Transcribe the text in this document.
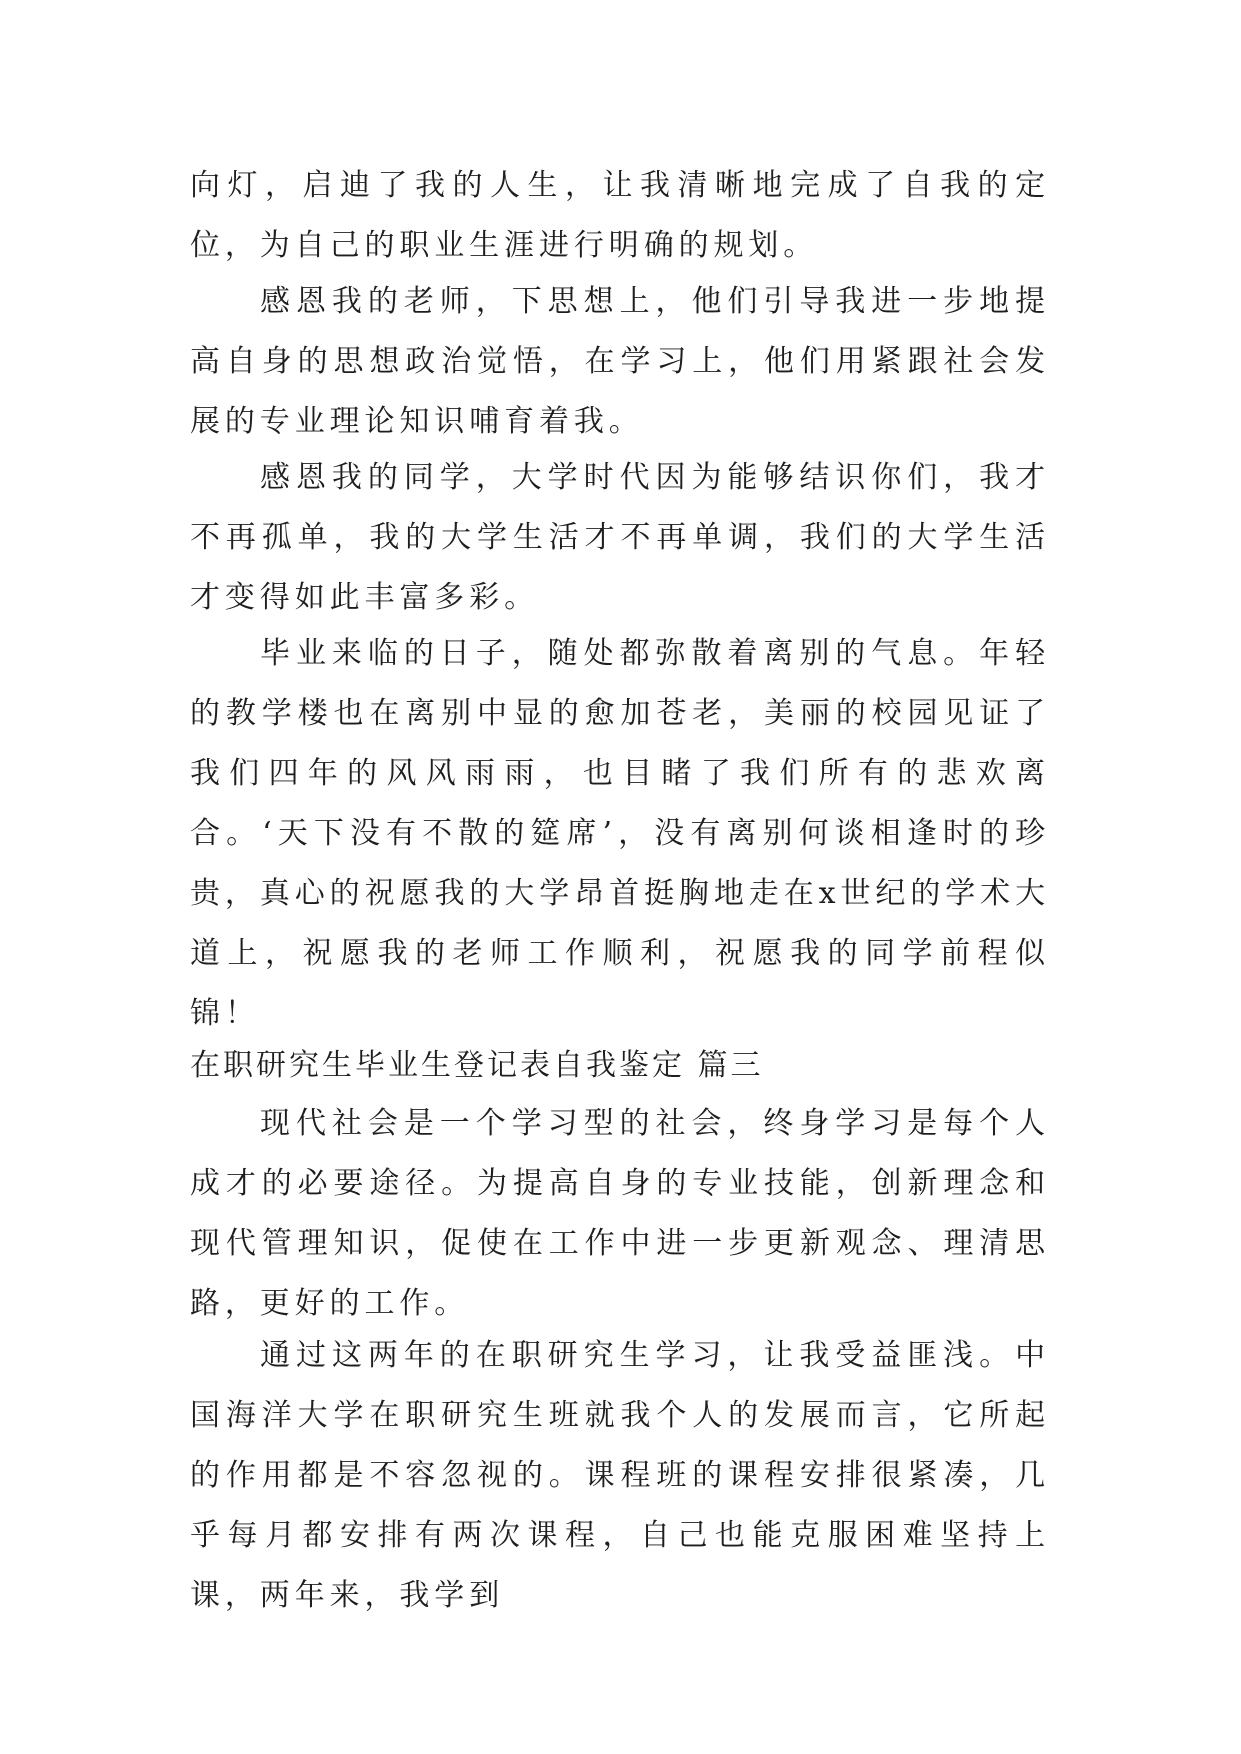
向灯，启迪了我的人生，让我清晰地完成了自我的定位，为自己的职业生涯进行明确的规划。

感恩我的老师，下思想上，他们引导我进一步地提高自身的思想政治觉悟，在学习上，他们用紧跟社会发展的专业理论知识哺育着我。

感恩我的同学，大学时代因为能够结识你们，我才不再孤单，我的大学生活才不再单调，我们的大学生活才变得如此丰富多彩。

毕业来临的日子，随处都弥散着离别的气息。年轻的教学楼也在离别中显的愈加苍老，美丽的校园见证了我们四年的风风雨雨，也目睹了我们所有的悲欢离合。‘天下没有不散的筵席’，没有离别何谈相逢时的珍贵，真心的祝愿我的大学昂首挺胸地走在x世纪的学术大道上，祝愿我的老师工作顺利，祝愿我的同学前程似锦！

在职研究生毕业生登记表自我鉴定 篇三

现代社会是一个学习型的社会，终身学习是每个人成才的必要途径。为提高自身的专业技能，创新理念和现代管理知识，促使在工作中进一步更新观念、理清思路，更好的工作。

通过这两年的在职研究生学习，让我受益匪浅。中国海洋大学在职研究生班就我个人的发展而言，它所起的作用都是不容忽视的。课程班的课程安排很紧凑，几乎每月都安排有两次课程，自己也能克服困难坚持上课，两年来，我学到
